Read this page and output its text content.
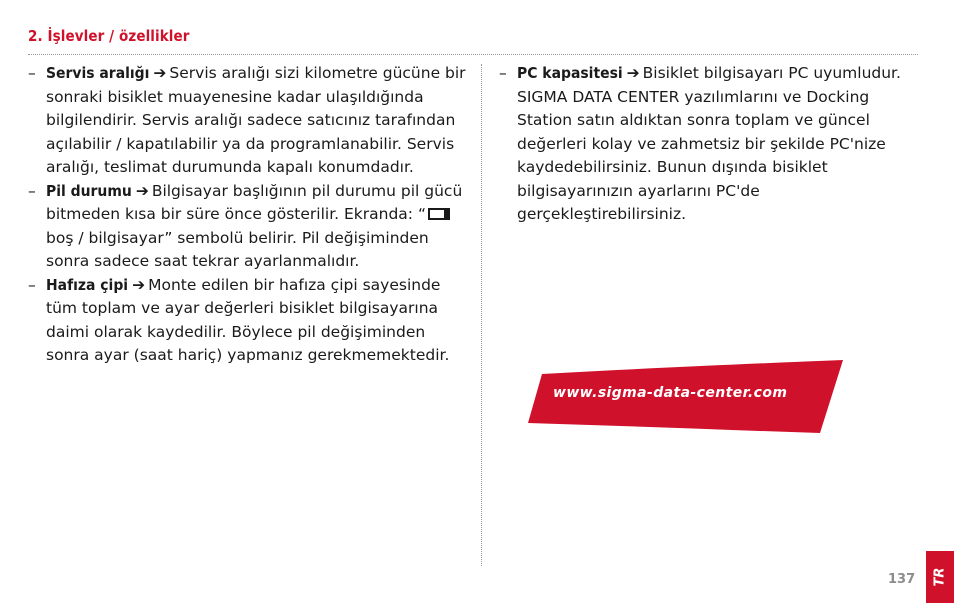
2. İşlevler / özellikler

– Servis aralığı ➔ Servis aralığı sizi kilometre gücüne bir sonraki bisiklet muayenesine kadar ulaşıldığında bilgilendirir. Servis aralığı sadece satıcınız tarafından açılabilir / kapatılabilir ya da programlanabilir. Servis aralığı, teslimat durumunda kapalı konumdadır.

– Pil durumu ➔ Bilgisayar başlığının pil durumu pil gücü bitmeden kısa bir süre önce gösterilir. Ekranda: “ boş / bilgisayar” sembolü belirir. Pil değişiminden sonra sadece saat tekrar ayarlanmalıdır.

– Hafıza çipi ➔ Monte edilen bir hafıza çipi sayesinde tüm toplam ve ayar değerleri bisiklet bilgisayarına daimi olarak kaydedilir. Böylece pil değişiminden sonra ayar (saat hariç) yapmanız gerekmemektedir.

– PC kapasitesi ➔ Bisiklet bilgisayarı PC uyumludur. SIGMA DATA CENTER yazılımlarını ve Docking Station satın aldıktan sonra toplam ve güncel değerleri kolay ve zahmetsiz bir şekilde PC'nize kaydedebilirsiniz. Bunun dışında bisiklet bilgisayarınızın ayarlarını PC'de gerçekleştirebilirsiniz.

www.sigma-data-center.com
137 TR
